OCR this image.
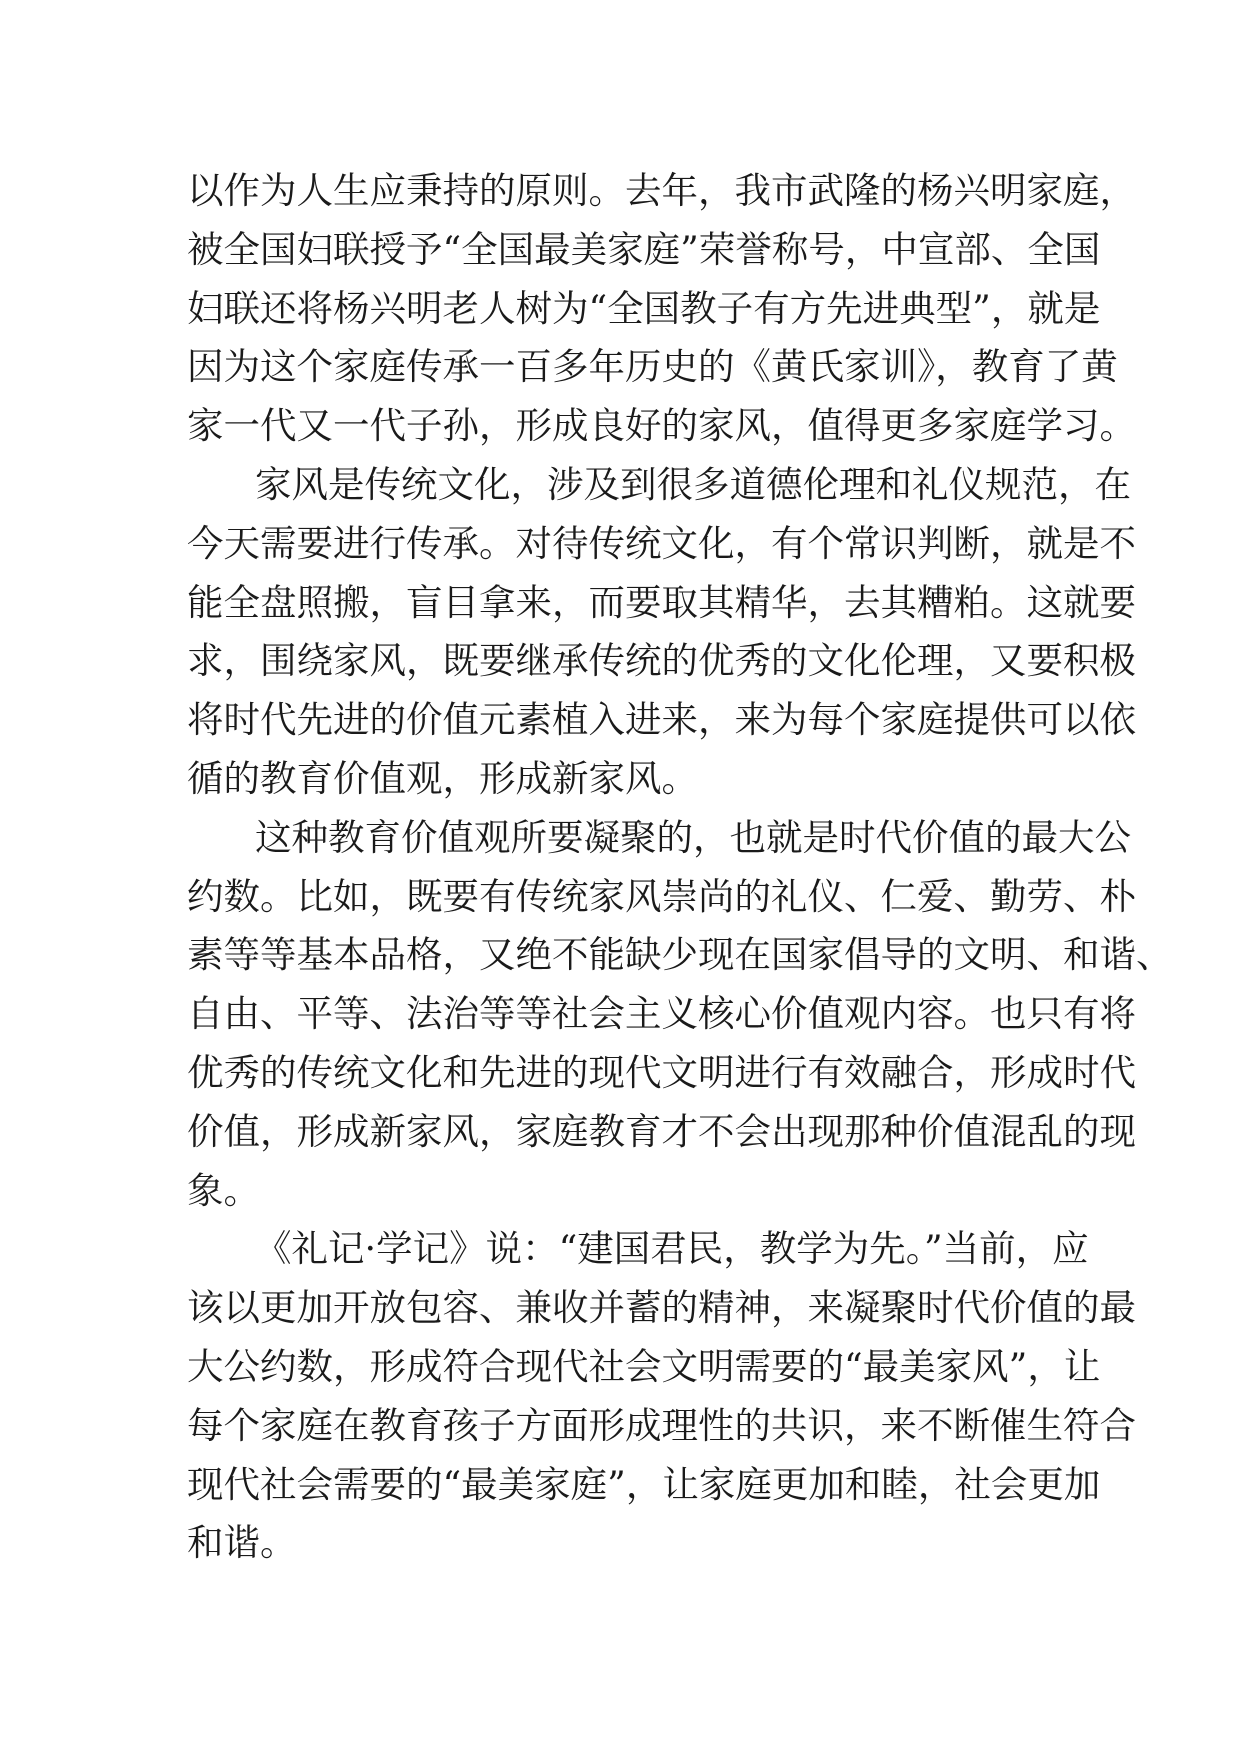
以作为人生应秉持的原则。去年，我市武隆的杨兴明家庭，
被全国妇联授予“全国最美家庭”荣誉称号，中宣部、全国
妇联还将杨兴明老人树为“全国教子有方先进典型”，就是
因为这个家庭传承一百多年历史的《黄氏家训》，教育了黄
家一代又一代子孙，形成良好的家风，值得更多家庭学习。
家风是传统文化，涉及到很多道德伦理和礼仪规范，在
今天需要进行传承。对待传统文化，有个常识判断，就是不
能全盘照搬，盲目拿来，而要取其精华，去其糟粕。这就要
求，围绕家风，既要继承传统的优秀的文化伦理，又要积极
将时代先进的价值元素植入进来，来为每个家庭提供可以依
循的教育价值观，形成新家风。
这种教育价值观所要凝聚的，也就是时代价值的最大公
约数。比如，既要有传统家风崇尚的礼仪、仁爱、勤劳、朴
素等等基本品格，又绝不能缺少现在国家倡导的文明、和谐、
自由、平等、法治等等社会主义核心价值观内容。也只有将
优秀的传统文化和先进的现代文明进行有效融合，形成时代
价值，形成新家风，家庭教育才不会出现那种价值混乱的现
象。
《礼记·学记》说：“建国君民，教学为先。”当前，应
该以更加开放包容、兼收并蓄的精神，来凝聚时代价值的最
大公约数，形成符合现代社会文明需要的“最美家风”，让
每个家庭在教育孩子方面形成理性的共识，来不断催生符合
现代社会需要的“最美家庭”，让家庭更加和睦，社会更加
和谐。
